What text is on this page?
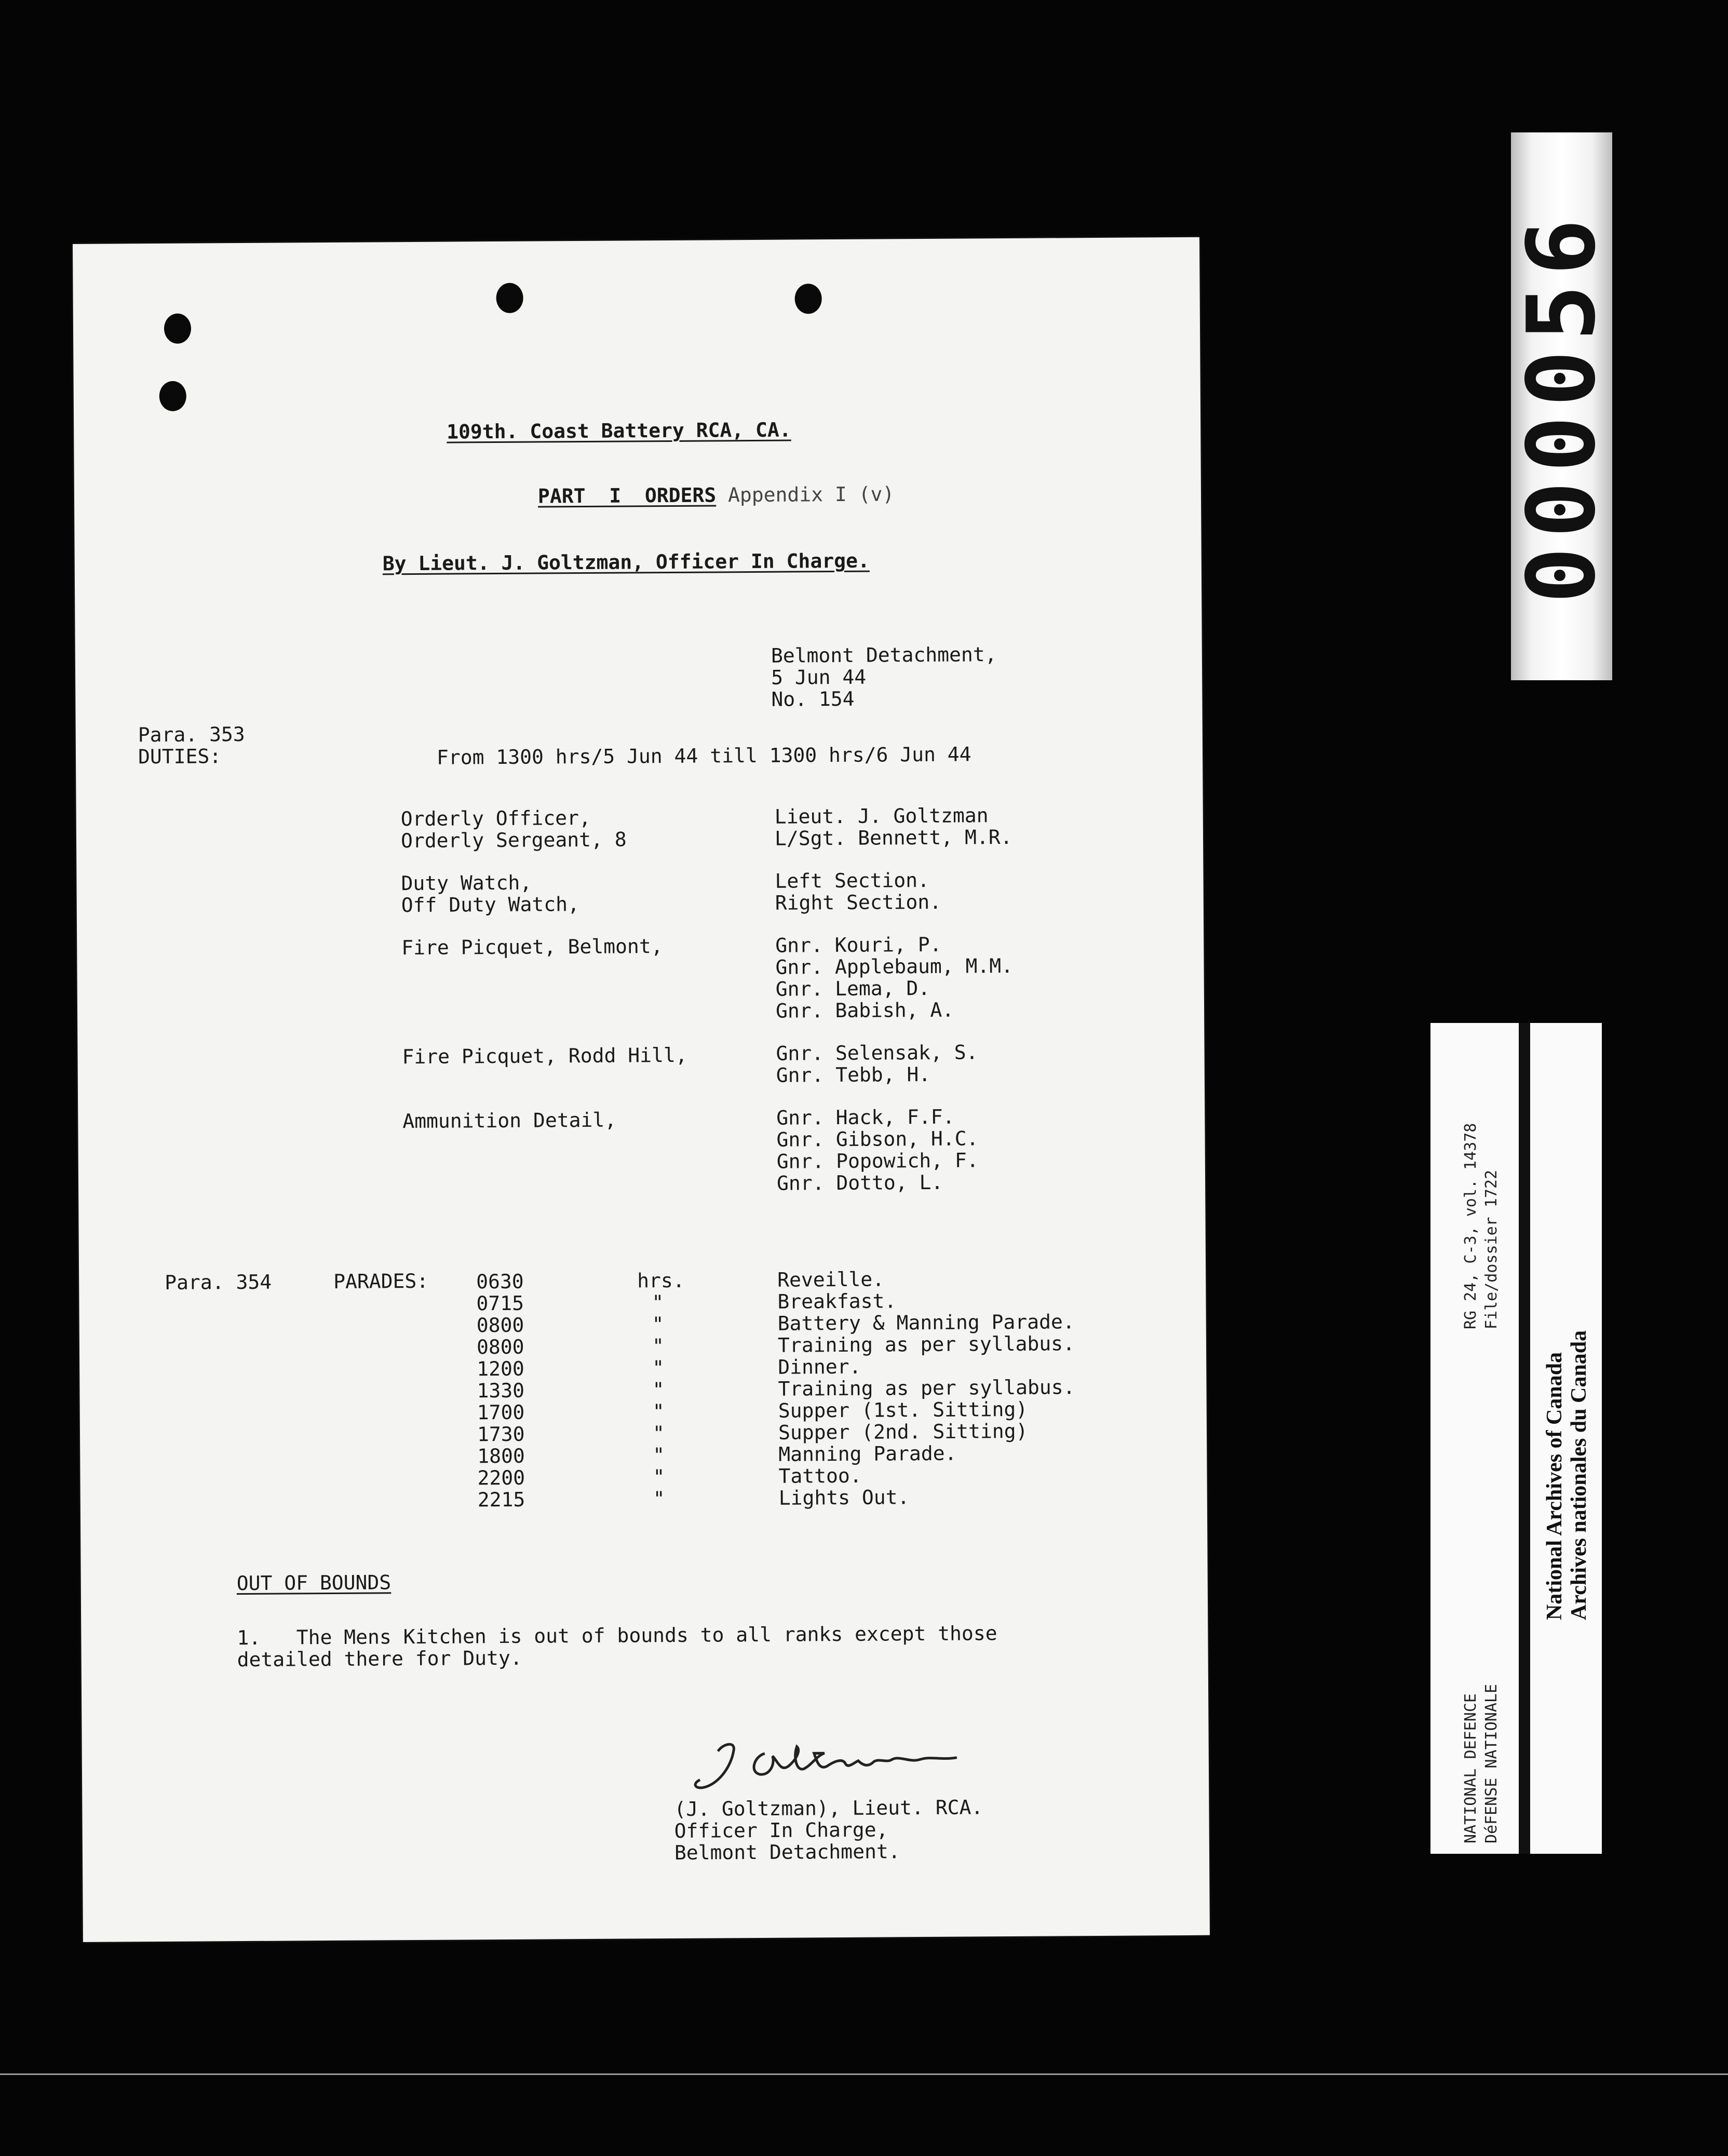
109th. Coast Battery RCA, CA.
PART  I  ORDERS Appendix I (v)
By Lieut. J. Goltzman, Officer In Charge.
Belmont Detachment,
5 Jun 44
No. 154
Para. 353
DUTIES:	From 1300 hrs/5 Jun 44 till 1300 hrs/6 Jun 44
Orderly Officer,
Orderly Sergeant, 8
Duty Watch,
Off Duty Watch,
Fire Picquet, Belmont,
Fire Picquet, Rodd Hill,
Ammunition Detail,
Lieut. J. Goltzman
L/Sgt. Bennett, M.R.
Left Section.
Right Section.
Gnr. Kouri, P.
Gnr. Applebaum, M.M.
Gnr. Lema, D.
Gnr. Babish, A.
Gnr. Selensak, S.
Gnr. Tebb, H.
Gnr. Hack, F.F.
Gnr. Gibson, H.C.
Gnr. Popowich, F.
Gnr. Dotto, L.
Para. 354	PARADES: 0630
0715
0800
0800
1200
1330
1700
1730
1800
2200
2215
hrs.
"
"
"
"
"
"
"
"
"
"
Reveille.
Breakfast.
Battery & Manning Parade.
Training as per syllabus.
Dinner.
Training as per syllabus.
Supper (1st. Sitting)
Supper (2nd. Sitting)
Manning Parade.
Tattoo.
Lights Out.
OUT OF BOUNDS
1.   The Mens Kitchen is out of bounds to all ranks except those
detailed there for Duty.
(J. Goltzman), Lieut. RCA.
Officer In Charge,
Belmont Detachment.
000056
RG 24, C-3, vol. 14378 File/dossier 1722
NATIONAL DEFENCE DéFENSE NATIONALE
National Archives of Canada Archives nationales du Canada
